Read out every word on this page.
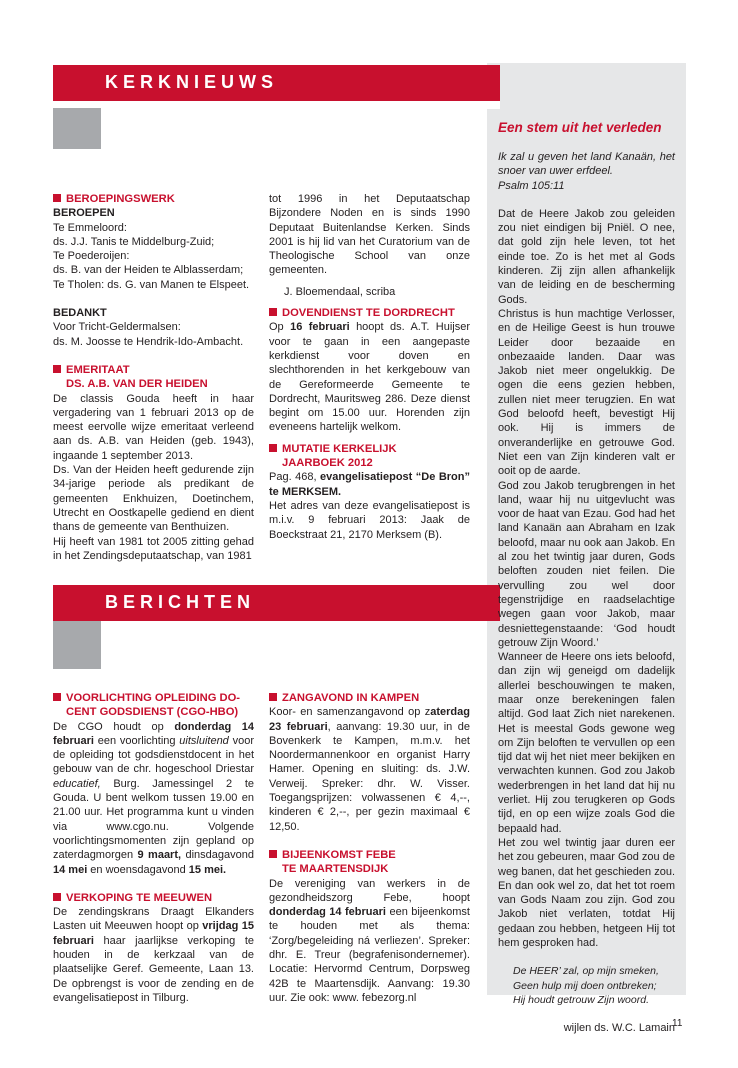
KERKNIEUWS
BEROEPINGSWERK

BEROEPEN

Te Emmeloord:

ds. J.J. Tanis te Middelburg-Zuid;

Te Poederoijen:

ds. B. van der Heiden te Alblasserdam;

Te Tholen: ds. G. van Manen te Elspeet.

BEDANKT

Voor Tricht-Geldermalsen:

ds. M. Joosse te Hendrik-Ido-Ambacht.

EMERITAAT
DS. A.B. VAN DER HEIDEN

De classis Gouda heeft in haar vergadering van 1 februari 2013 op de meest eervolle wijze emeritaat verleend aan ds. A.B. van Heiden (geb. 1943), ingaande 1 september 2013.

Ds. Van der Heiden heeft gedurende zijn 34-jarige periode als predikant de gemeenten Enkhuizen, Doetinchem, Utrecht en Oostkapelle gediend en dient thans de gemeente van Benthuizen.

Hij heeft van 1981 tot 2005 zitting gehad in het Zendingsdeputaatschap, van 1981

tot 1996 in het Deputaatschap Bijzondere Noden en is sinds 1990 Deputaat Buitenlandse Kerken. Sinds 2001 is hij lid van het Curatorium van de Theologische School van onze gemeenten.

J. Bloemendaal, scriba

DOVENDIENST TE DORDRECHT

Op 16 februari hoopt ds. A.T. Huijser voor te gaan in een aangepaste kerkdienst voor doven en slechthorenden in het kerkgebouw van de Gereformeerde Gemeente te Dordrecht, Mauritsweg 286. Deze dienst begint om 15.00 uur. Horenden zijn eveneens hartelijk welkom.

MUTATIE KERKELIJK
JAARBOEK 2012

Pag. 468, evangelisatiepost “De Bron” te MERKSEM.

Het adres van deze evangelisatiepost is m.i.v. 9 februari 2013: Jaak de Boeckstraat 21, 2170 Merksem (B).

BERICHTEN
VOORLICHTING OPLEIDING DO-
CENT GODSDIENST (CGO-HBO)

De CGO houdt op donderdag 14 februari een voorlichting uitsluitend voor de opleiding tot godsdienstdocent in het gebouw van de chr. hogeschool Driestar educatief, Burg. Jamessingel 2 te Gouda. U bent welkom tussen 19.00 en 21.00 uur. Het programma kunt u vinden via www.cgo.nu. Volgende voorlichtingsmomenten zijn gepland op zaterdagmorgen 9 maart, dinsdagavond 14 mei en woensdagavond 15 mei.

VERKOPING TE MEEUWEN

De zendingskrans Draagt Elkanders Lasten uit Meeuwen hoopt op vrijdag 15 februari haar jaarlijkse verkoping te houden in de kerkzaal van de plaatselijke Geref. Gemeente, Laan 13. De opbrengst is voor de zending en de evangelisatiepost in Tilburg.

ZANGAVOND IN KAMPEN

Koor- en samenzangavond op zaterdag 23 februari, aanvang: 19.30 uur, in de Bovenkerk te Kampen, m.m.v. het Noordermannenkoor en organist Harry Hamer. Opening en sluiting: ds. J.W. Verweij. Spreker: dhr. W. Visser. Toegangsprijzen: volwassenen € 4,--, kinderen € 2,--, per gezin maximaal € 12,50.

BIJEENKOMST FEBE
TE MAARTENSDIJK

De vereniging van werkers in de gezondheidszorg Febe, hoopt donderdag 14 februari een bijeenkomst te houden met als thema: ‘Zorg/begeleiding ná verliezen’. Spreker: dhr. E. Treur (begrafenisondernemer). Locatie: Hervormd Centrum, Dorpsweg 42B te Maartensdijk. Aanvang: 19.30 uur. Zie ook: www. febezorg.nl

Een stem uit het verleden

Ik zal u geven het land Kanaän, het snoer van uwer erfdeel.

Psalm 105:11

Dat de Heere Jakob zou geleiden zou niet eindigen bij Pniël. O nee, dat gold zijn hele leven, tot het einde toe. Zo is het met al Gods kinderen. Zij zijn allen afhankelijk van de leiding en de bescherming Gods.

Christus is hun machtige Verlosser, en de Heilige Geest is hun trouwe Leider door bezaaide en onbezaaide landen. Daar was Jakob niet meer ongelukkig. De ogen die eens gezien hebben, zullen niet meer terugzien. En wat God beloofd heeft, bevestigt Hij ook. Hij is immers de onveranderlijke en getrouwe God. Niet een van Zijn kinderen valt er ooit op de aarde.

God zou Jakob terugbrengen in het land, waar hij nu uitgevlucht was voor de haat van Ezau. God had het land Kanaän aan Abraham en Izak beloofd, maar nu ook aan Jakob. En al zou het twintig jaar duren, Gods beloften zouden niet feilen. Die vervulling zou wel door tegenstrijdige en raadselachtige wegen gaan voor Jakob, maar desniettegenstaande: ‘God houdt getrouw Zijn Woord.’

Wanneer de Heere ons iets beloofd, dan zijn wij geneigd om dadelijk allerlei beschouwingen te maken, maar onze berekeningen falen altijd. God laat Zich niet narekenen. Het is meestal Gods gewone weg om Zijn beloften te vervullen op een tijd dat wij het niet meer bekijken en verwachten kunnen. God zou Jakob wederbrengen in het land dat hij nu verliet. Hij zou terugkeren op Gods tijd, en op een wijze zoals God die bepaald had.

Het zou wel twintig jaar duren eer het zou gebeuren, maar God zou de weg banen, dat het geschieden zou. En dan ook wel zo, dat het tot roem van Gods Naam zou zijn. God zou Jakob niet verlaten, totdat Hij gedaan zou hebben, hetgeen Hij tot hem gesproken had.

De HEER’ zal, op mijn smeken,
Geen hulp mij doen ontbreken;
Hij houdt getrouw Zijn woord.
wijlen ds. W.C. Lamain
11
